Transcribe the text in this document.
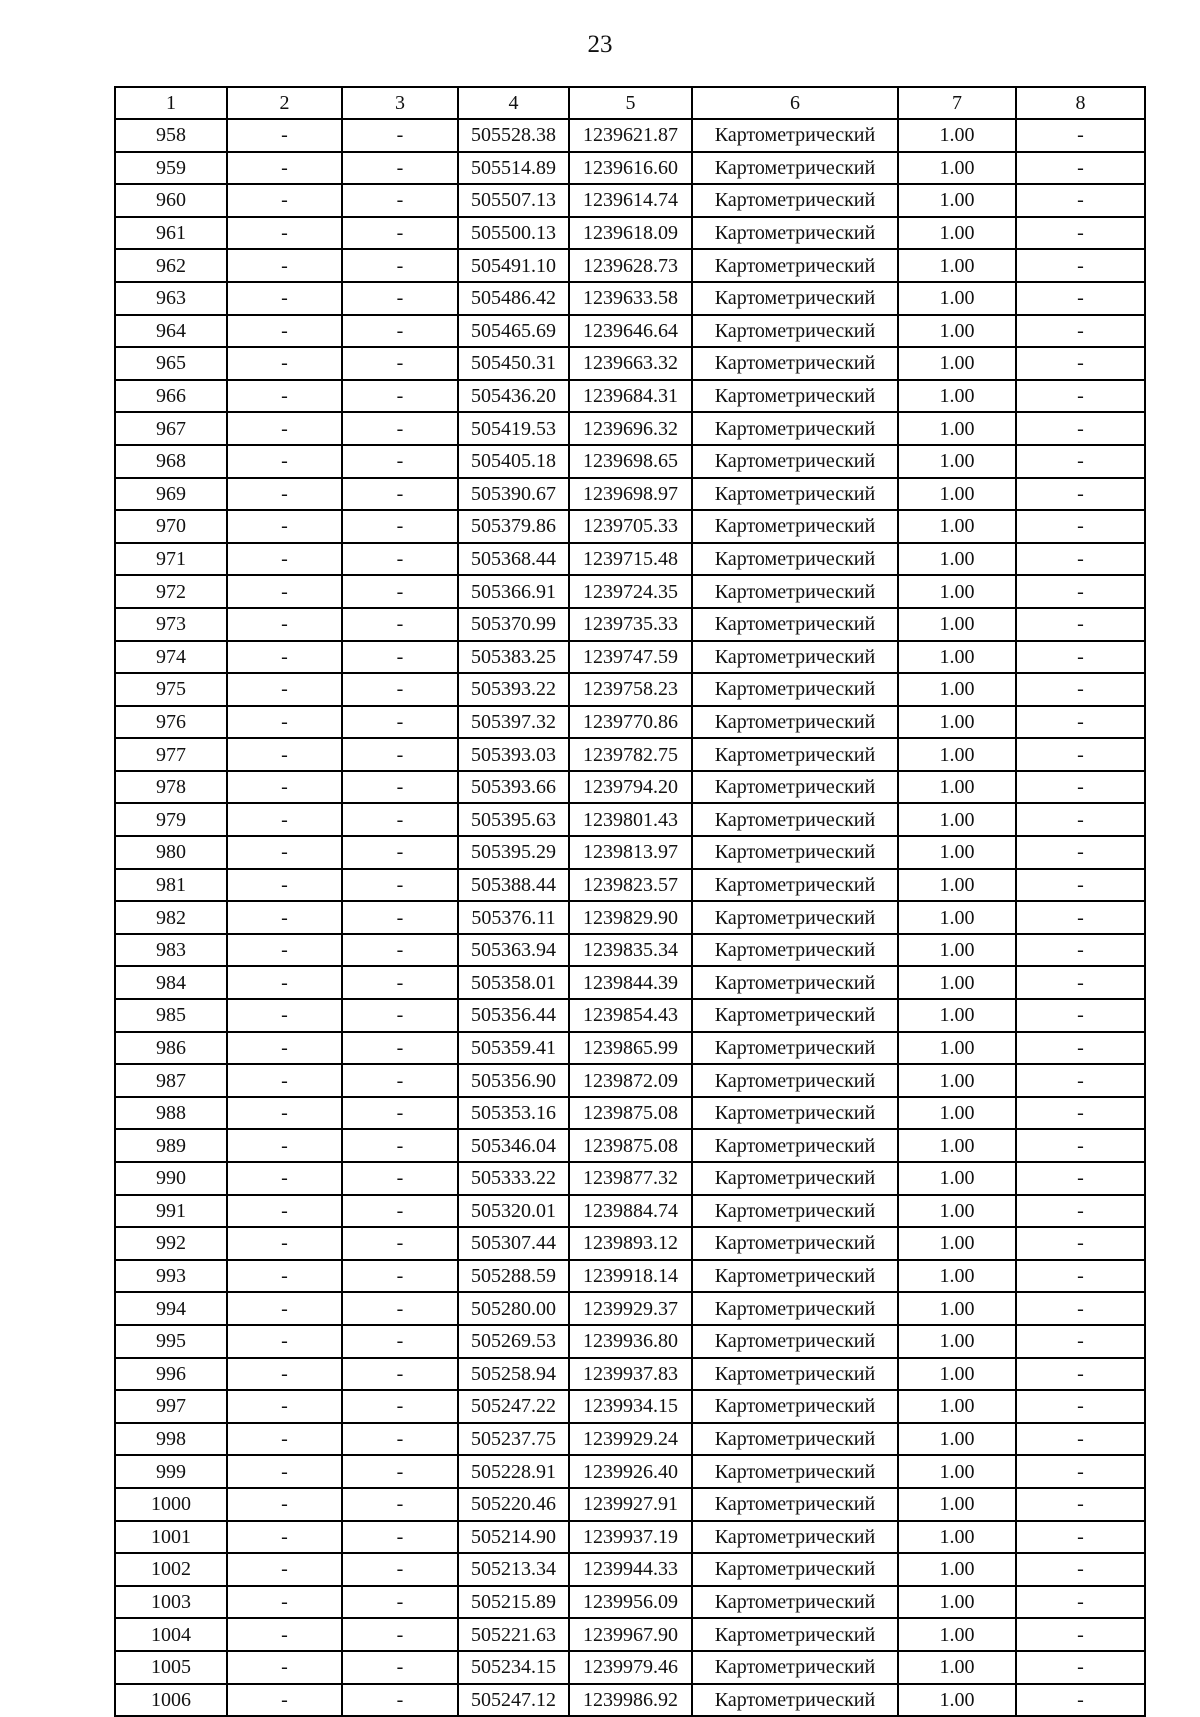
23
1	2	3	4	5	6	7	8
958	-	-	505528.38	1239621.87	Картометрический	1.00	-
959	-	-	505514.89	1239616.60	Картометрический	1.00	-
960	-	-	505507.13	1239614.74	Картометрический	1.00	-
961	-	-	505500.13	1239618.09	Картометрический	1.00	-
962	-	-	505491.10	1239628.73	Картометрический	1.00	-
963	-	-	505486.42	1239633.58	Картометрический	1.00	-
964	-	-	505465.69	1239646.64	Картометрический	1.00	-
965	-	-	505450.31	1239663.32	Картометрический	1.00	-
966	-	-	505436.20	1239684.31	Картометрический	1.00	-
967	-	-	505419.53	1239696.32	Картометрический	1.00	-
968	-	-	505405.18	1239698.65	Картометрический	1.00	-
969	-	-	505390.67	1239698.97	Картометрический	1.00	-
970	-	-	505379.86	1239705.33	Картометрический	1.00	-
971	-	-	505368.44	1239715.48	Картометрический	1.00	-
972	-	-	505366.91	1239724.35	Картометрический	1.00	-
973	-	-	505370.99	1239735.33	Картометрический	1.00	-
974	-	-	505383.25	1239747.59	Картометрический	1.00	-
975	-	-	505393.22	1239758.23	Картометрический	1.00	-
976	-	-	505397.32	1239770.86	Картометрический	1.00	-
977	-	-	505393.03	1239782.75	Картометрический	1.00	-
978	-	-	505393.66	1239794.20	Картометрический	1.00	-
979	-	-	505395.63	1239801.43	Картометрический	1.00	-
980	-	-	505395.29	1239813.97	Картометрический	1.00	-
981	-	-	505388.44	1239823.57	Картометрический	1.00	-
982	-	-	505376.11	1239829.90	Картометрический	1.00	-
983	-	-	505363.94	1239835.34	Картометрический	1.00	-
984	-	-	505358.01	1239844.39	Картометрический	1.00	-
985	-	-	505356.44	1239854.43	Картометрический	1.00	-
986	-	-	505359.41	1239865.99	Картометрический	1.00	-
987	-	-	505356.90	1239872.09	Картометрический	1.00	-
988	-	-	505353.16	1239875.08	Картометрический	1.00	-
989	-	-	505346.04	1239875.08	Картометрический	1.00	-
990	-	-	505333.22	1239877.32	Картометрический	1.00	-
991	-	-	505320.01	1239884.74	Картометрический	1.00	-
992	-	-	505307.44	1239893.12	Картометрический	1.00	-
993	-	-	505288.59	1239918.14	Картометрический	1.00	-
994	-	-	505280.00	1239929.37	Картометрический	1.00	-
995	-	-	505269.53	1239936.80	Картометрический	1.00	-
996	-	-	505258.94	1239937.83	Картометрический	1.00	-
997	-	-	505247.22	1239934.15	Картометрический	1.00	-
998	-	-	505237.75	1239929.24	Картометрический	1.00	-
999	-	-	505228.91	1239926.40	Картометрический	1.00	-
1000	-	-	505220.46	1239927.91	Картометрический	1.00	-
1001	-	-	505214.90	1239937.19	Картометрический	1.00	-
1002	-	-	505213.34	1239944.33	Картометрический	1.00	-
1003	-	-	505215.89	1239956.09	Картометрический	1.00	-
1004	-	-	505221.63	1239967.90	Картометрический	1.00	-
1005	-	-	505234.15	1239979.46	Картометрический	1.00	-
1006	-	-	505247.12	1239986.92	Картометрический	1.00	-
